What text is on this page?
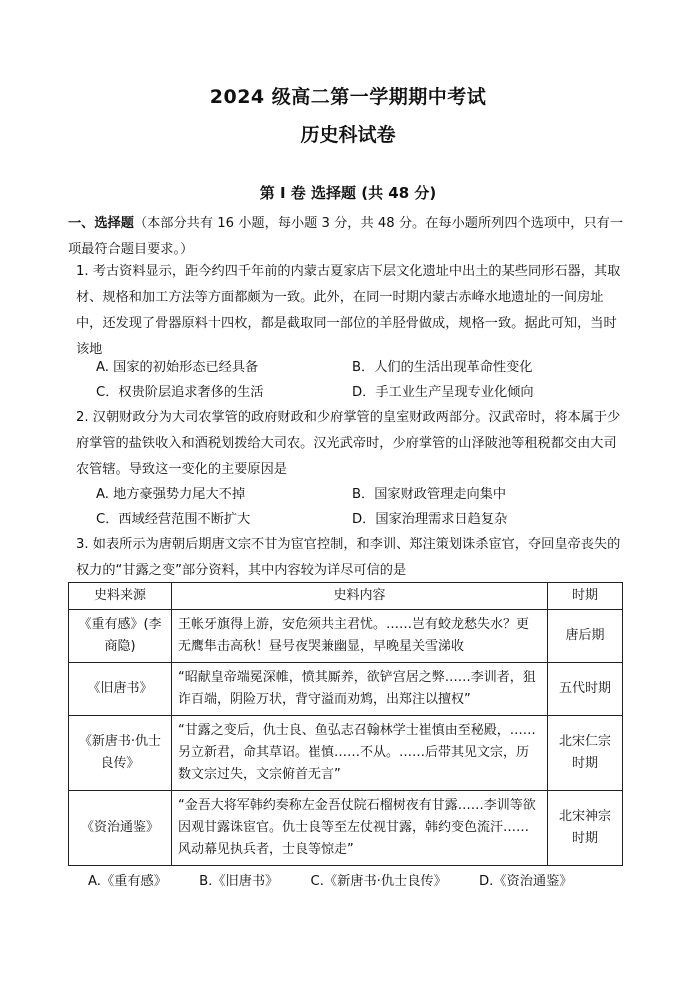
2024 级高二第一学期期中考试
历史科试卷
第 I 卷 选择题 (共 48 分)
一、选择题（本部分共有 16 小题，每小题 3 分，共 48 分。在每小题所列四个选项中，只有一项最符合题目要求。）
1. 考古资料显示，距今约四千年前的内蒙古夏家店下层文化遗址中出土的某些同形石器，其取材、规格和加工方法等方面都颇为一致。此外，在同一时期内蒙古赤峰水地遗址的一间房址中，还发现了骨器原料十四枚，都是截取同一部位的羊胫骨做成，规格一致。据此可知，当时该地
A. 国家的初始形态已经具备	B．人们的生活出现革命性变化
C．权贵阶层追求奢侈的生活	D．手工业生产呈现专业化倾向
2. 汉朝财政分为大司农掌管的政府财政和少府掌管的皇室财政两部分。汉武帝时，将本属于少府掌管的盐铁收入和酒税划拨给大司农。汉光武帝时，少府掌管的山泽陂池等租税都交由大司农管辖。导致这一变化的主要原因是
A. 地方豪强势力尾大不掉	B．国家财政管理走向集中
C．西域经营范围不断扩大	D．国家治理需求日趋复杂
3. 如表所示为唐朝后期唐文宗不甘为宦官控制，和李训、郑注策划诛杀宦官，夺回皇帝丧失的权力的“甘露之变”部分资料，其中内容较为详尽可信的是
史料来源	史料内容	时期
《重有感》(李商隐)	王帐牙旗得上游，安危须共主君忧。……岂有蛟龙愁失水？更无鹰隼击高秋！昼号夜哭兼幽显，早晚星关雪涕收	唐后期
《旧唐书》	“昭献皇帝端冕深帷，愤其厮养，欲铲宫居之弊……李训者，狙诈百端，阴险万状，背守溢而劝鸩，出郑注以擅权”	五代时期
《新唐书·仇士良传》	“甘露之变后，仇士良、鱼弘志召翰林学士崔慎由至秘殿，……另立新君，命其草诏。崔慎……不从。……后带其见文宗，历数文宗过失，文宗俯首无言”	北宋仁宗时期
《资治通鉴》	“金吾大将军韩约奏称左金吾仗院石榴树夜有甘露……李训等欲因观甘露诛宦官。仇士良等至左仗视甘露，韩约变色流汗……风动幕见执兵者，士良等惊走”	北宋神宗时期
A.《重有感》 B.《旧唐书》 C.《新唐书·仇士良传》 D.《资治通鉴》
